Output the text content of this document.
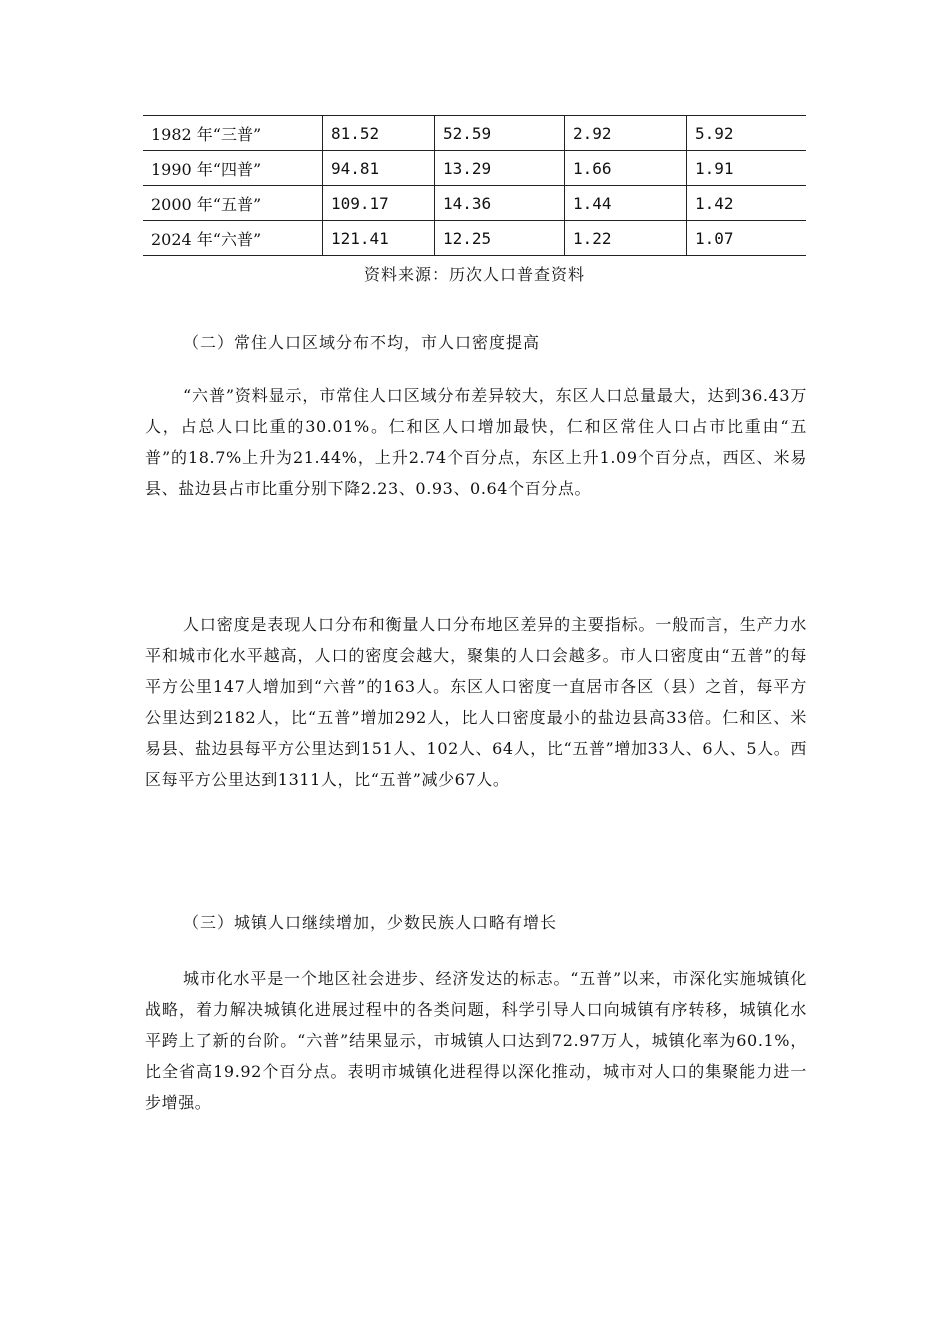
1982 年“三普”	81.52	52.59	2.92	5.92
1990 年“四普”	94.81	13.29	1.66	1.91
2000 年“五普”	109.17	14.36	1.44	1.42
2024 年“六普”	121.41	12.25	1.22	1.07
资料来源：历次人口普查资料
（二）常住人口区域分布不均，市人口密度提高

“六普”资料显示，市常住人口区域分布差异较大，东区人口总量最大，达到36.43万人，占总人口比重的30.01%。仁和区人口增加最快，仁和区常住人口占市比重由“五普”的18.7%上升为21.44%，上升2.74个百分点，东区上升1.09个百分点，西区、米易县、盐边县占市比重分别下降2.23、0.93、0.64个百分点。

人口密度是表现人口分布和衡量人口分布地区差异的主要指标。一般而言，生产力水平和城市化水平越高，人口的密度会越大，聚集的人口会越多。市人口密度由“五普”的每平方公里147人增加到“六普”的163人。东区人口密度一直居市各区（县）之首，每平方公里达到2182人，比“五普”增加292人，比人口密度最小的盐边县高33倍。仁和区、米易县、盐边县每平方公里达到151人、102人、64人，比“五普”增加33人、6人、5人。西区每平方公里达到1311人，比“五普”减少67人。

（三）城镇人口继续增加，少数民族人口略有增长

城市化水平是一个地区社会进步、经济发达的标志。“五普”以来，市深化实施城镇化战略，着力解决城镇化进展过程中的各类问题，科学引导人口向城镇有序转移，城镇化水平跨上了新的台阶。“六普”结果显示，市城镇人口达到72.97万人，城镇化率为60.1%，比全省高19.92个百分点。表明市城镇化进程得以深化推动，城市对人口的集聚能力进一步增强。
